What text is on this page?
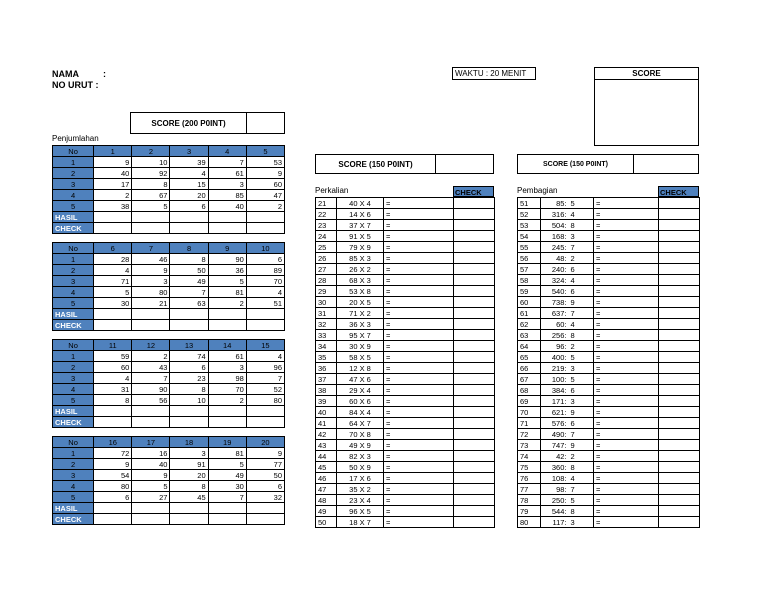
NAMA	:
NO URUT :
WAKTU : 20 MENIT	SCORE
SCORE (200 P0INT)
Penjumlahan
No	1	2	3	4	5
1	9	10	39	7	53
2	40	92	4	61	9
3	17	8	15	3	60
4	2	67	20	85	47
5	38	5	6	40	2
HASIL					
CHECK					
No	6	7	8	9	10
1	28	46	8	90	6
2	4	9	50	36	89
3	71	3	49	5	70
4	5	80	7	81	4
5	30	21	63	2	51
HASIL					
CHECK					
No	11	12	13	14	15
1	59	2	74	61	4
2	60	43	6	3	96
3	4	7	23	98	7
4	31	90	8	70	52
5	8	56	10	2	80
HASIL					
CHECK					
No	16	17	18	19	20
1	72	16	3	81	9
2	9	40	91	5	77
3	54	9	20	49	50
4	80	5	8	30	6
5	6	27	45	7	32
HASIL					
CHECK					
SCORE (150 P0INT)
Perkalian	CHECK
21	40 X 4	=	
22	14 X 6	=	
23	37 X 7	=	
24	91 X 5	=	
25	79 X 9	=	
26	85 X 3	=	
27	26 X 2	=	
28	68 X 3	=	
29	53 X 8	=	
30	20 X 5	=	
31	71 X 2	=	
32	36 X 3	=	
33	95 X 7	=	
34	30 X 9	=	
35	58 X 5	=	
36	12 X 8	=	
37	47 X 6	=	
38	29 X 4	=	
39	60 X 6	=	
40	84 X 4	=	
41	64 X 7	=	
42	70 X 8	=	
43	49 X 9	=	
44	82 X 3	=	
45	50 X 9	=	
46	17 X 6	=	
47	35 X 2	=	
48	23 X 4	=	
49	96 X 5	=	
50	18 X 7	=	
SCORE (150 P0INT)
Pembagian	CHECK
51	85:	5	=	
52	316:	4	=	
53	504:	8	=	
54	168:	3	=	
55	245:	7	=	
56	48:	2	=	
57	240:	6	=	
58	324:	4	=	
59	540:	6	=	
60	738:	9	=	
61	637:	7	=	
62	60:	4	=	
63	256:	8	=	
64	96:	2	=	
65	400:	5	=	
66	219:	3	=	
67	100:	5	=	
68	384:	6	=	
69	171:	3	=	
70	621:	9	=	
71	576:	6	=	
72	490:	7	=	
73	747:	9	=	
74	42:	2	=	
75	360:	8	=	
76	108:	4	=	
77	98:	7	=	
78	250:	5	=	
79	544:	8	=	
80	117:	3	=	
